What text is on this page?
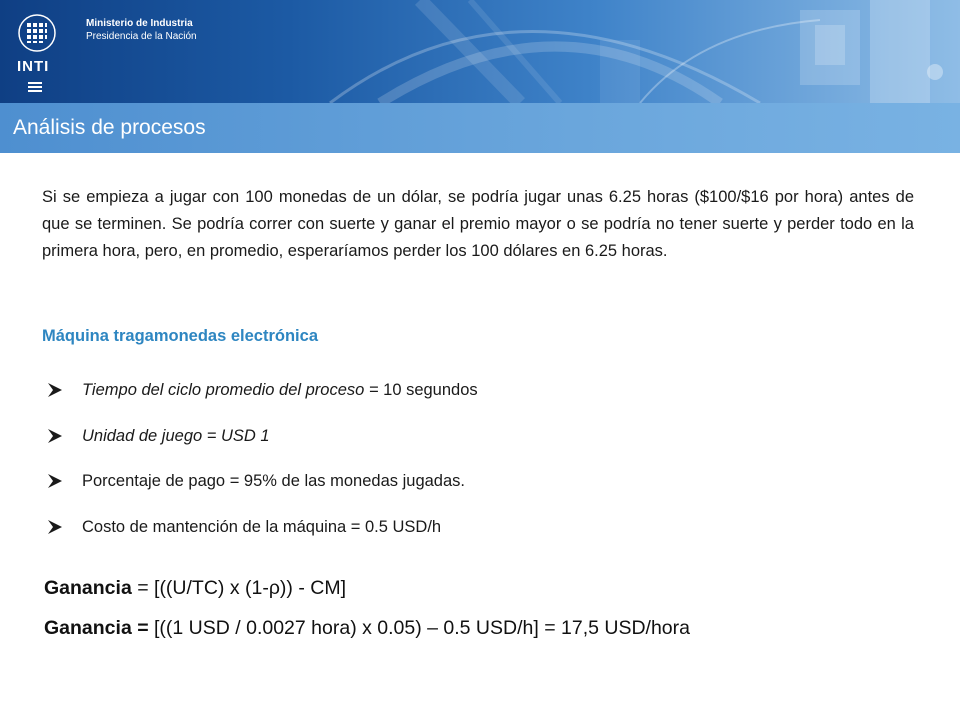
INTI
Ministerio de Industria
Presidencia de la Nación
Análisis de procesos

Si se empieza a jugar con 100 monedas de un dólar, se podría jugar unas 6.25 horas ($100/$16 por hora) antes de que se terminen. Se podría correr con suerte y ganar el premio mayor o se podría no tener suerte y perder todo en la primera hora, pero, en promedio, esperaríamos perder los 100 dólares en 6.25 horas.

Máquina tragamonedas electrónica
Tiempo del ciclo promedio del proceso = 10 segundos
Unidad de juego = USD 1
Porcentaje de pago = 95% de las monedas jugadas.
Costo de mantención de la máquina = 0.5 USD/h
Ganancia = [((U/TC) x (1-ρ)) - CM]
Ganancia = [((1 USD / 0.0027 hora) x 0.05) – 0.5 USD/h] = 17,5 USD/hora
